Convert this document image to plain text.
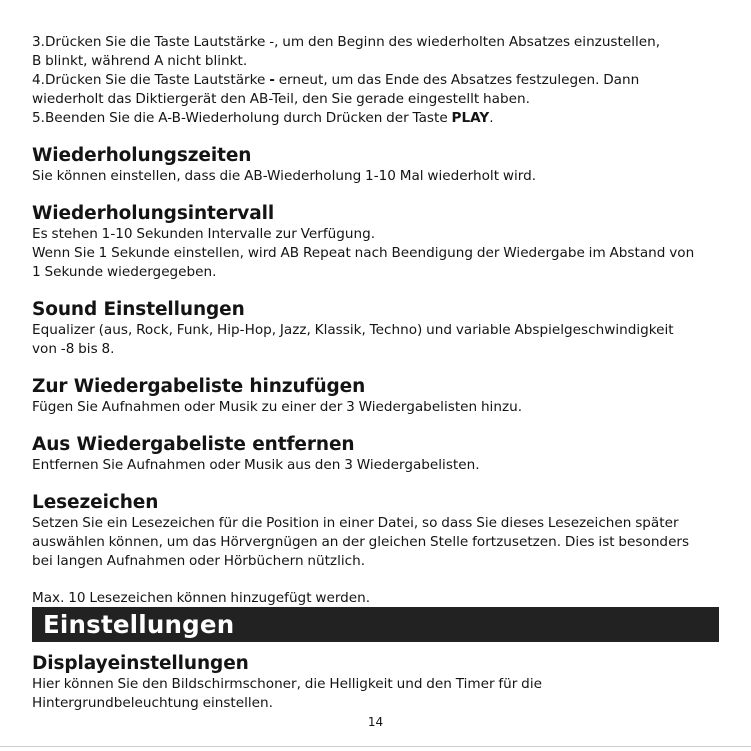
3.Drücken Sie die Taste Lautstärke -, um den Beginn des wiederholten Absatzes einzustellen,

B blinkt, während A nicht blinkt.

4.Drücken Sie die Taste Lautstärke - erneut, um das Ende des Absatzes festzulegen. Dann

wiederholt das Diktiergerät den AB-Teil, den Sie gerade eingestellt haben.

5.Beenden Sie die A-B-Wiederholung durch Drücken der Taste PLAY.

Wiederholungszeiten

Sie können einstellen, dass die AB-Wiederholung 1-10 Mal wiederholt wird.

Wiederholungsintervall

Es stehen 1-10 Sekunden Intervalle zur Verfügung.

Wenn Sie 1 Sekunde einstellen, wird AB Repeat nach Beendigung der Wiedergabe im Abstand von

1 Sekunde wiedergegeben.

Sound Einstellungen

Equalizer (aus, Rock, Funk, Hip-Hop, Jazz, Klassik, Techno) und variable Abspielgeschwindigkeit

von -8 bis 8.

Zur Wiedergabeliste hinzufügen

Fügen Sie Aufnahmen oder Musik zu einer der 3 Wiedergabelisten hinzu.

Aus Wiedergabeliste entfernen

Entfernen Sie Aufnahmen oder Musik aus den 3 Wiedergabelisten.

Lesezeichen

Setzen Sie ein Lesezeichen für die Position in einer Datei, so dass Sie dieses Lesezeichen später

auswählen können, um das Hörvergnügen an der gleichen Stelle fortzusetzen. Dies ist besonders

bei langen Aufnahmen oder Hörbüchern nützlich.

Max. 10 Lesezeichen können hinzugefügt werden.

Einstellungen
Displayeinstellungen

Hier können Sie den Bildschirmschoner, die Helligkeit und den Timer für die

Hintergrundbeleuchtung einstellen.

14
